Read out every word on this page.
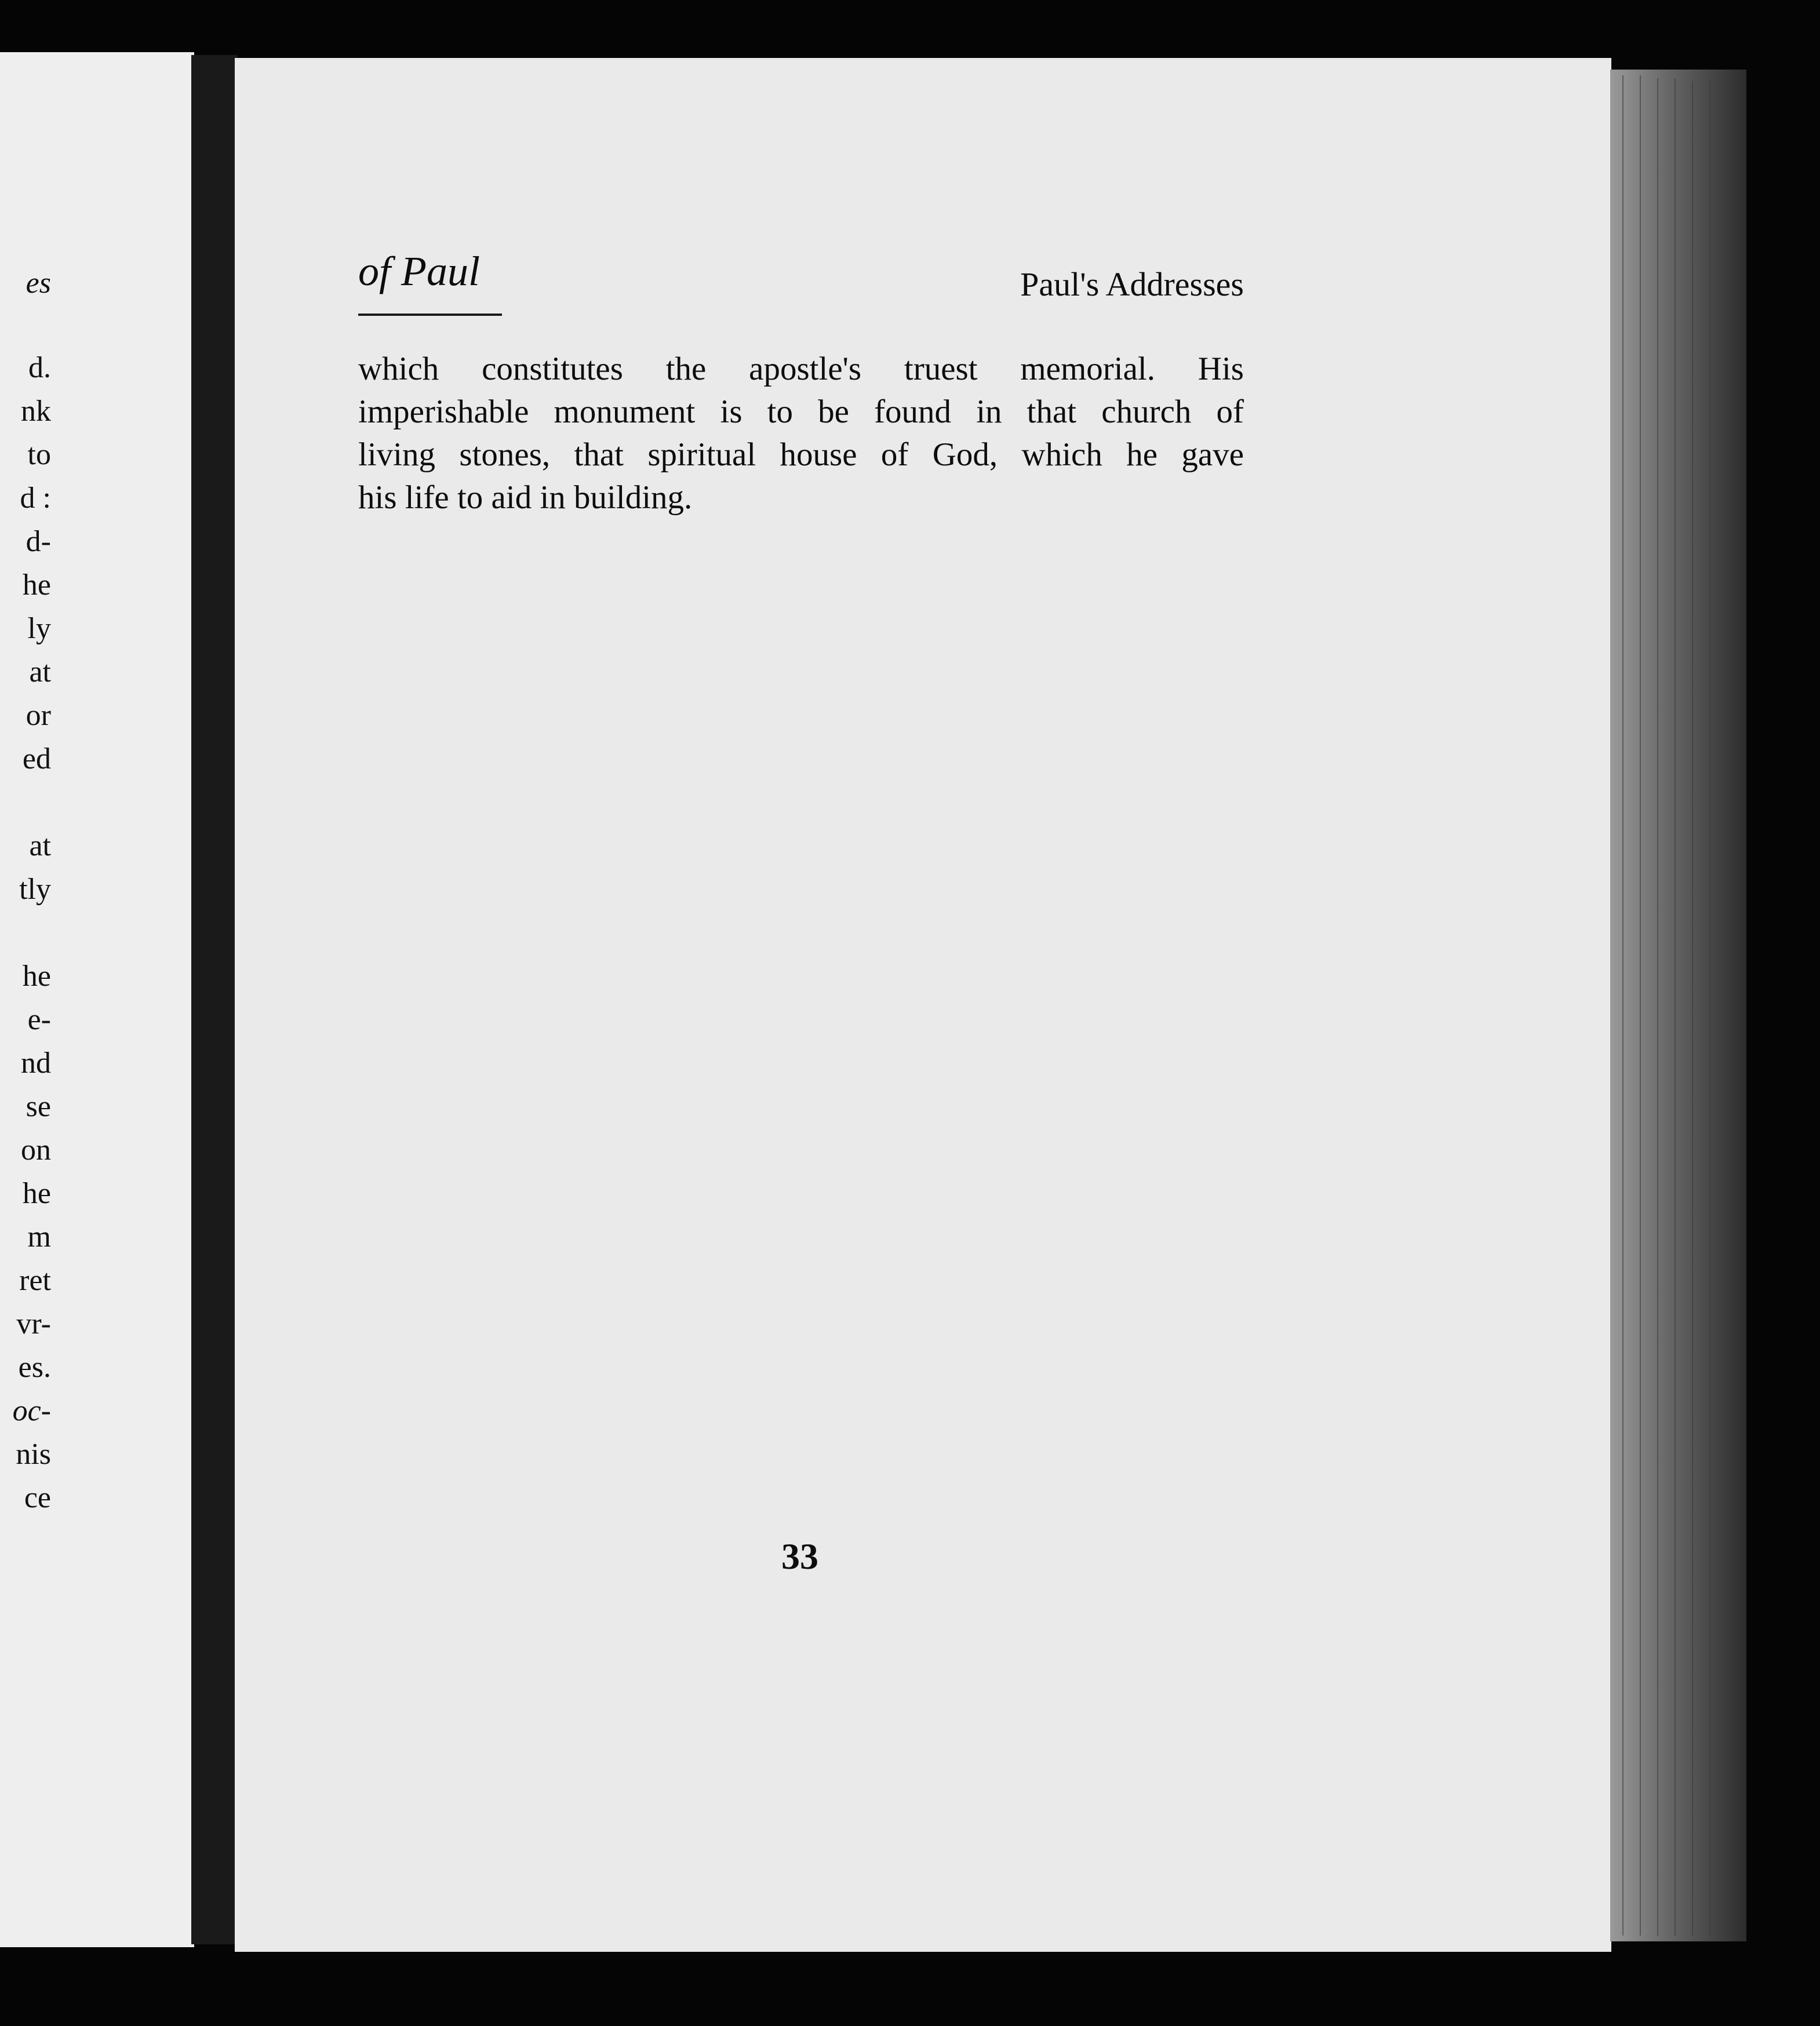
es
d.
nk
to
d :
d-
he
ly
at
or
ed
at
tly
he
e-
nd
se
on
he
m
ret
vr-
es.
oc-
nis
ce
of Paul	Paul's Addresses
which constitutes the apostle's truest memorial. His
imperishable monument is to be found in that church of
living stones, that spiritual house of God, which he gave
his life to aid in building.
33
